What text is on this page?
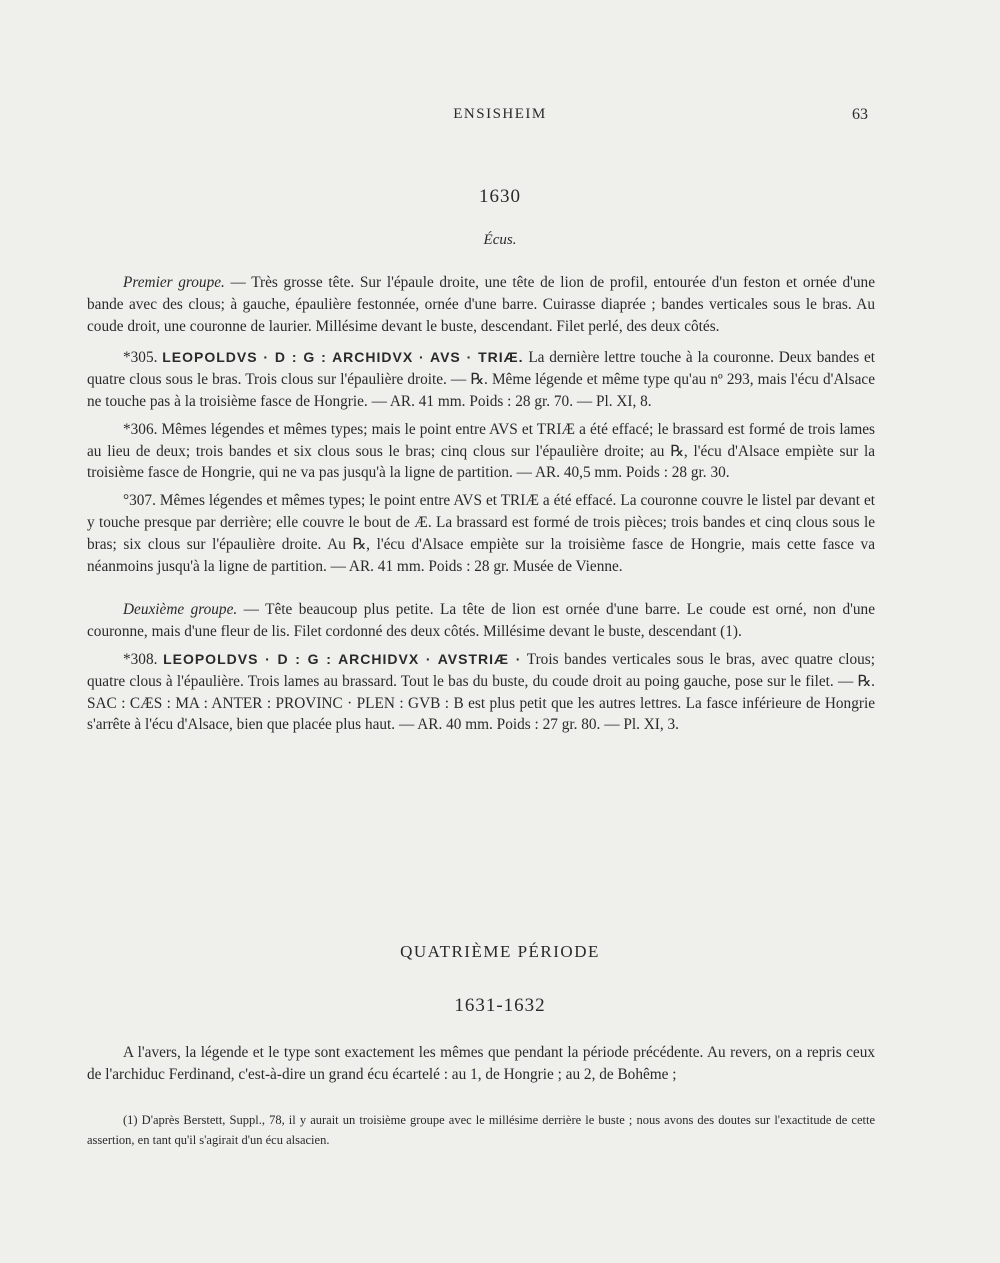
ENSISHEIM	63
1630
Écus.

Premier groupe. — Très grosse tête. Sur l'épaule droite, une tête de lion de profil, entourée d'un feston et ornée d'une bande avec des clous; à gauche, épaulière festonnée, ornée d'une barre. Cuirasse diaprée ; bandes verticales sous le bras. Au coude droit, une couronne de laurier. Millésime devant le buste, descendant. Filet perlé, des deux côtés.

*305. LEOPOLDVS · D : G : ARCHIDVX · AVS · TRIÆ. La dernière lettre touche à la couronne. Deux bandes et quatre clous sous le bras. Trois clous sur l'épaulière droite. — ℞. Même légende et même type qu'au nº 293, mais l'écu d'Alsace ne touche pas à la troisième fasce de Hongrie. — AR. 41 mm. Poids : 28 gr. 70. — Pl. XI, 8.

*306. Mêmes légendes et mêmes types; mais le point entre AVS et TRIÆ a été effacé; le brassard est formé de trois lames au lieu de deux; trois bandes et six clous sous le bras; cinq clous sur l'épaulière droite; au ℞, l'écu d'Alsace empiète sur la troisième fasce de Hongrie, qui ne va pas jusqu'à la ligne de partition. — AR. 40,5 mm. Poids : 28 gr. 30.

°307. Mêmes légendes et mêmes types; le point entre AVS et TRIÆ a été effacé. La couronne couvre le listel par devant et y touche presque par derrière; elle couvre le bout de Æ. La brassard est formé de trois pièces; trois bandes et cinq clous sous le bras; six clous sur l'épaulière droite. Au ℞, l'écu d'Alsace empiète sur la troisième fasce de Hongrie, mais cette fasce va néanmoins jusqu'à la ligne de partition. — AR. 41 mm. Poids : 28 gr. Musée de Vienne.

Deuxième groupe. — Tête beaucoup plus petite. La tête de lion est ornée d'une barre. Le coude est orné, non d'une couronne, mais d'une fleur de lis. Filet cordonné des deux côtés. Millésime devant le buste, descendant (1).

*308. LEOPOLDVS · D : G : ARCHIDVX · AVSTRIÆ · Trois bandes verticales sous le bras, avec quatre clous; quatre clous à l'épaulière. Trois lames au brassard. Tout le bas du buste, du coude droit au poing gauche, pose sur le filet. — ℞. SAC : CÆS : MA : ANTER : PROVINC · PLEN : GVB : B est plus petit que les autres lettres. La fasce inférieure de Hongrie s'arrête à l'écu d'Alsace, bien que placée plus haut. — AR. 40 mm. Poids : 27 gr. 80. — Pl. XI, 3.

QUATRIÈME PÉRIODE
1631-1632

A l'avers, la légende et le type sont exactement les mêmes que pendant la période précédente. Au revers, on a repris ceux de l'archiduc Ferdinand, c'est-à-dire un grand écu écartelé : au 1, de Hongrie ; au 2, de Bohême ;

(1) D'après Berstett, Suppl., 78, il y aurait un troisième groupe avec le millésime derrière le buste ; nous avons des doutes sur l'exactitude de cette assertion, en tant qu'il s'agirait d'un écu alsacien.
